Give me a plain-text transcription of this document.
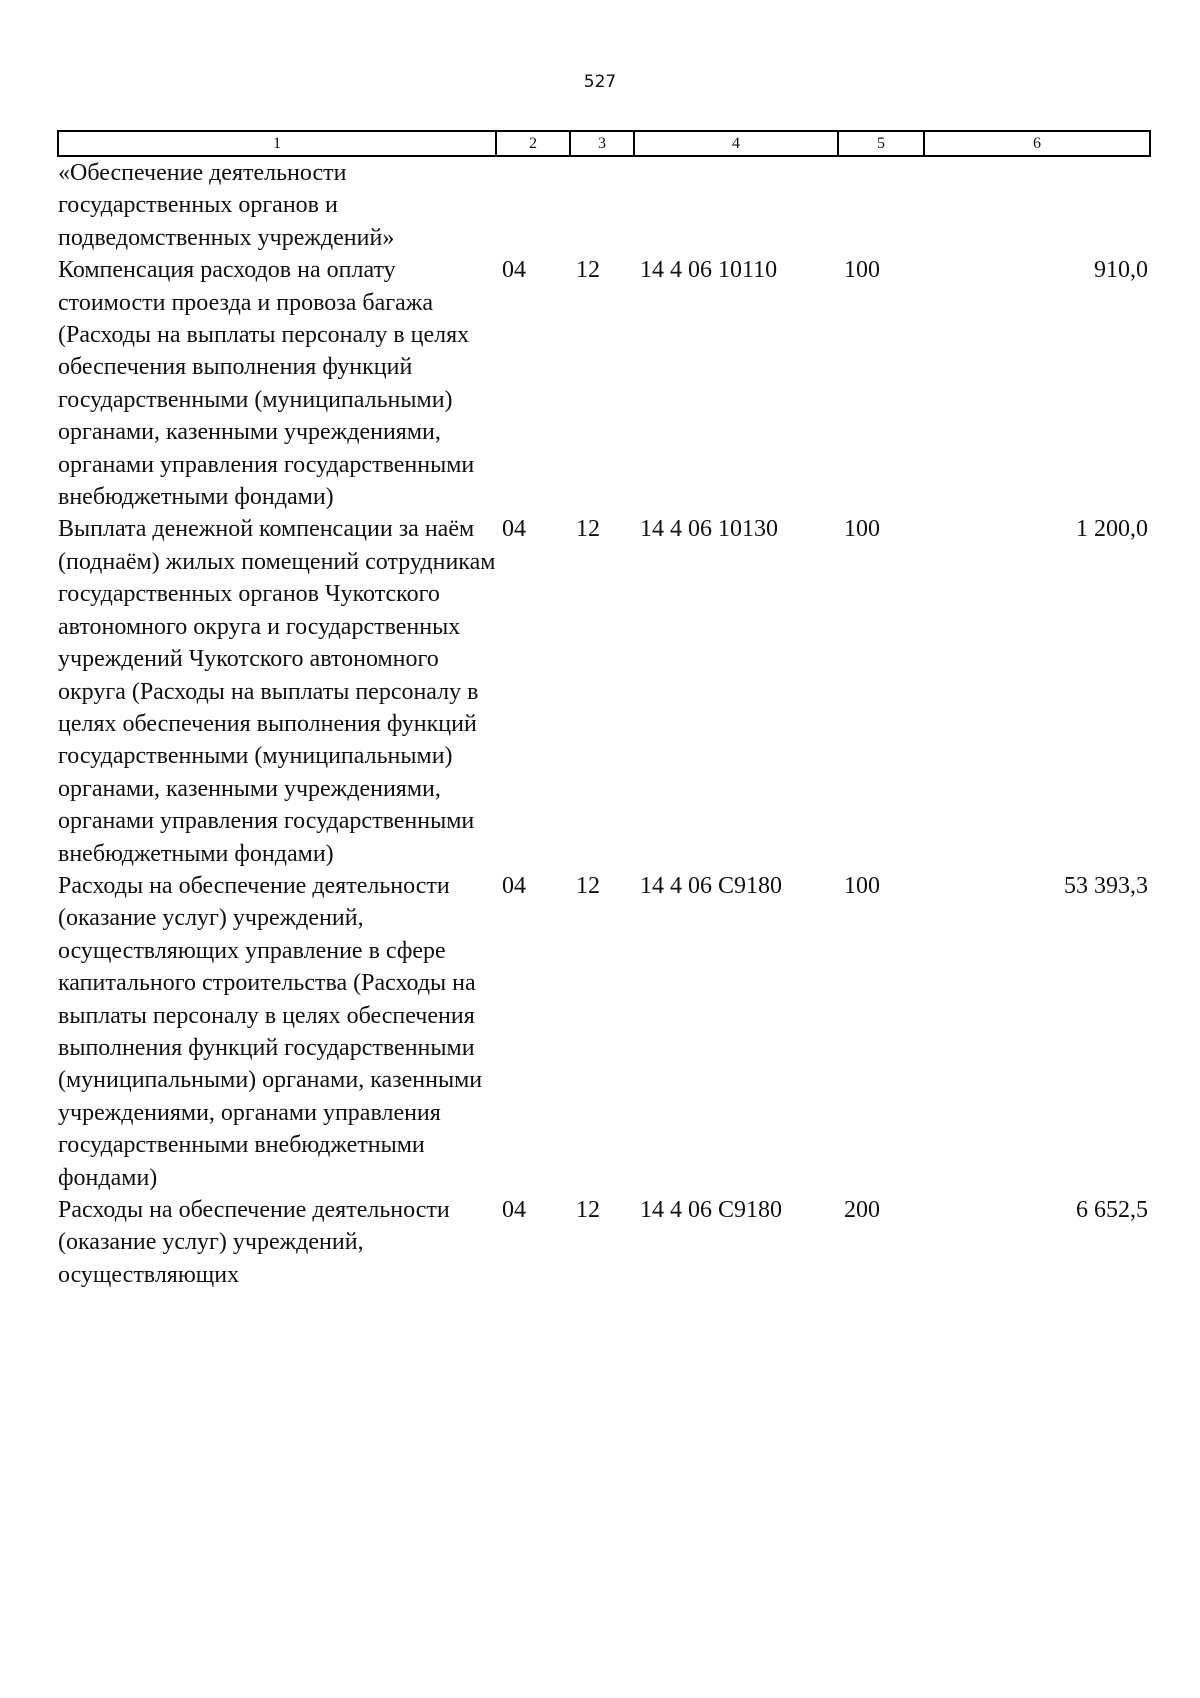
527
1	2	3	4	5	6
«Обеспечение деятельности государственных органов и подведомственных учреждений»					
Компенсация расходов на оплату стоимости проезда и провоза багажа (Расходы на выплаты персоналу в целях обеспечения выполнения функций государственными (муниципальными) органами, казенными учреждениями, органами управления государственными внебюджетными фондами)	04	12	14 4 06 10110	100	910,0
Выплата денежной компенсации за наём (поднаём) жилых помещений сотрудникам государственных органов Чукотского автономного округа и государственных учреждений Чукотского автономного округа (Расходы на выплаты персоналу в целях обеспечения выполнения функций государственными (муниципальными) органами, казенными учреждениями, органами управления государственными внебюджетными фондами)	04	12	14 4 06 10130	100	1 200,0
Расходы на обеспечение деятельности (оказание услуг) учреждений, осуществляющих управление в сфере капитального строительства (Расходы на выплаты персоналу в целях обеспечения выполнения функций государственными (муниципальными) органами, казенными учреждениями, органами управления государственными внебюджетными фондами)	04	12	14 4 06 С9180	100	53 393,3
Расходы на обеспечение деятельности (оказание услуг) учреждений, осуществляющих	04	12	14 4 06 С9180	200	6 652,5
